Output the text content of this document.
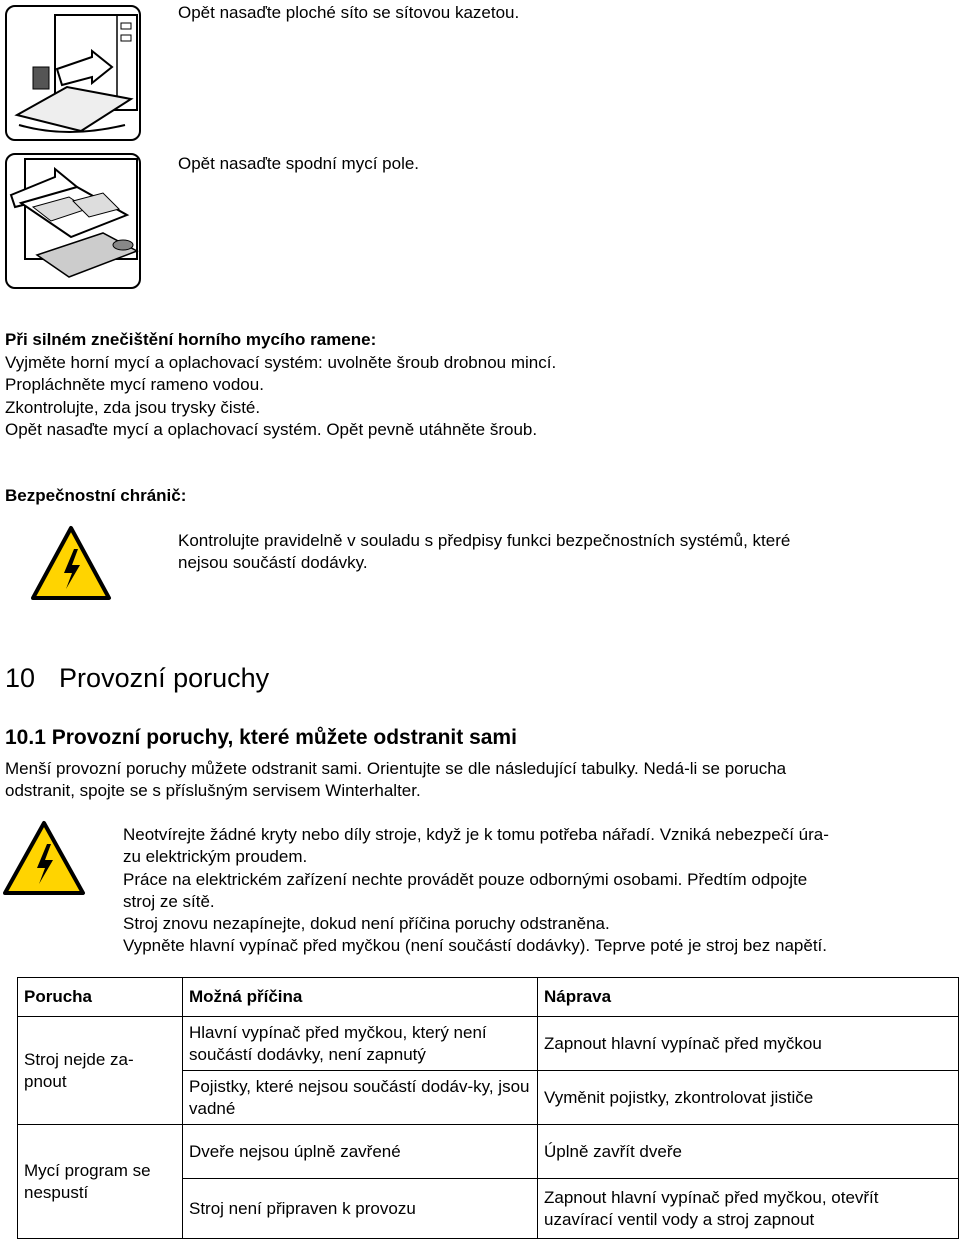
Opět nasaďte ploché síto se sítovou kazetou.
Opět nasaďte spodní mycí pole.
Při silném znečištění horního mycího ramene:
Vyjměte horní mycí a oplachovací systém: uvolněte šroub drobnou mincí.
Propláchněte mycí rameno vodou.
Zkontrolujte, zda jsou trysky čisté.
Opět nasaďte mycí a oplachovací systém. Opět pevně utáhněte šroub.
Bezpečnostní chránič:
Kontrolujte pravidelně v souladu s předpisy funkci bezpečnostních systémů, které
nejsou součástí dodávky.
10 Provozní poruchy
10.1 Provozní poruchy, které můžete odstranit sami
Menší provozní poruchy můžete odstranit sami. Orientujte se dle následující tabulky. Nedá-li se porucha
odstranit, spojte se s příslušným servisem Winterhalter.
Neotvírejte žádné kryty nebo díly stroje, když je k tomu potřeba nářadí. Vzniká nebezpečí úra-
zu elektrickým proudem.
Práce na elektrickém zařízení nechte provádět pouze odbornými osobami. Předtím odpojte
stroj ze sítě.
Stroj znovu nezapínejte, dokud není příčina poruchy odstraněna.
Vypněte hlavní vypínač před myčkou (není součástí dodávky). Teprve poté je stroj bez napětí.
Porucha	Možná příčina	Náprava
Stroj nejde za-
pnout	Hlavní vypínač před myčkou, který není součástí dodávky, není zapnutý	Zapnout hlavní vypínač před myčkou
	Pojistky, které nejsou součástí dodáv-ky, jsou vadné	Vyměnit pojistky, zkontrolovat jističe
Mycí program se nespustí	Dveře nejsou úplně zavřené	Úplně zavřít dveře
	Stroj není připraven k provozu	Zapnout hlavní vypínač před myčkou, otevřít uzavírací ventil vody a stroj zapnout
